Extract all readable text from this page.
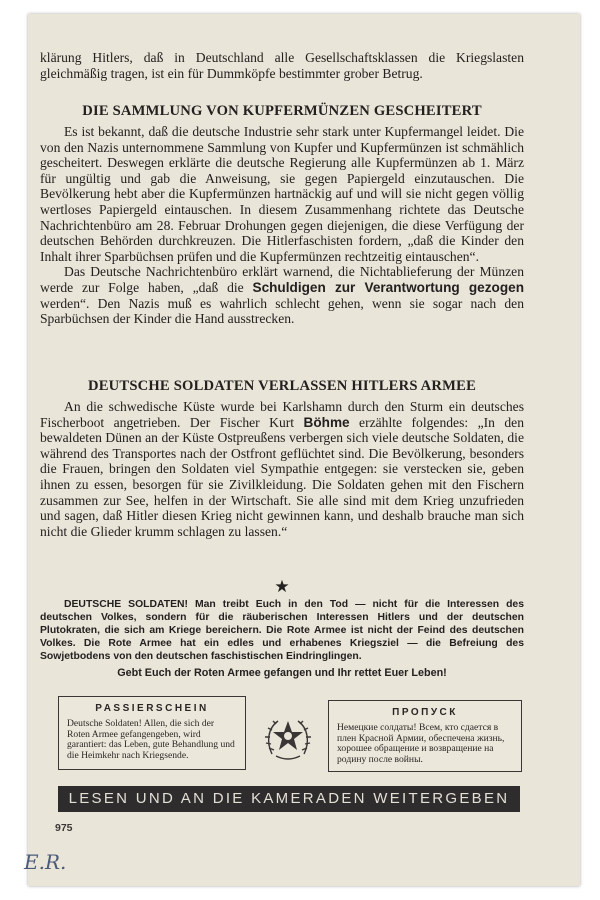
klärung Hitlers, daß in Deutschland alle Gesellschaftsklassen die Kriegslasten gleichmäßig tragen, ist ein für Dummköpfe bestimmter grober Betrug.

DIE SAMMLUNG VON KUPFERMÜNZEN GESCHEITERT

Es ist bekannt, daß die deutsche Industrie sehr stark unter Kupfermangel leidet. Die von den Nazis unternommene Sammlung von Kupfer und Kupfermünzen ist schmählich gescheitert. Deswegen erklärte die deutsche Regierung alle Kupfermünzen ab 1. März für ungültig und gab die Anweisung, sie gegen Papiergeld einzutauschen. Die Bevölkerung hebt aber die Kupfermünzen hartnäckig auf und will sie nicht gegen völlig wertloses Papiergeld eintauschen. In diesem Zusammenhang richtete das Deutsche Nachrichtenbüro am 28. Februar Drohungen gegen diejenigen, die diese Verfügung der deutschen Behörden durchkreuzen. Die Hitlerfaschisten fordern, „daß die Kinder den Inhalt ihrer Sparbüchsen prüfen und die Kupfermünzen rechtzeitig eintauschen“.

Das Deutsche Nachrichtenbüro erklärt warnend, die Nichtablieferung der Münzen werde zur Folge haben, „daß die Schuldigen zur Verantwortung gezogen werden“. Den Nazis muß es wahrlich schlecht gehen, wenn sie sogar nach den Sparbüchsen der Kinder die Hand ausstrecken.

DEUTSCHE SOLDATEN VERLASSEN HITLERS ARMEE

An die schwedische Küste wurde bei Karlshamn durch den Sturm ein deutsches Fischerboot angetrieben. Der Fischer Kurt Böhme erzählte folgendes: „In den bewaldeten Dünen an der Küste Ostpreußens verbergen sich viele deutsche Soldaten, die während des Transportes nach der Ostfront geflüchtet sind. Die Bevölkerung, besonders die Frauen, bringen den Soldaten viel Sympathie entgegen: sie verstecken sie, geben ihnen zu essen, besorgen für sie Zivilkleidung. Die Soldaten gehen mit den Fischern zusammen zur See, helfen in der Wirtschaft. Sie alle sind mit dem Krieg unzufrieden und sagen, daß Hitler diesen Krieg nicht gewinnen kann, und deshalb brauche man sich nicht die Glieder krumm schlagen zu lassen.“

★

DEUTSCHE SOLDATEN! Man treibt Euch in den Tod — nicht für die Interessen des deutschen Volkes, sondern für die räuberischen Interessen Hitlers und der deutschen Plutokraten, die sich am Kriege bereichern. Die Rote Armee ist nicht der Feind des deutschen Volkes. Die Rote Armee hat ein edles und erhabenes Kriegsziel — die Befreiung des Sowjetbodens von den deutschen faschistischen Eindringlingen.

Gebt Euch der Roten Armee gefangen und Ihr rettet Euer Leben!

PASSIERSCHEIN

Deutsche Soldaten! Allen, die sich der Roten Armee gefangengeben, wird garantiert: das Leben, gute Behandlung und die Heimkehr nach Kriegsende.

ПРОПУСК

Немецкие солдаты! Всем, кто сдается в плен Красной Армии, обеспечена жизнь, хорошее обращение и возвращение на родину после войны.

LESEN UND AN DIE KAMERADEN WEITERGEBEN
975
E.R.
